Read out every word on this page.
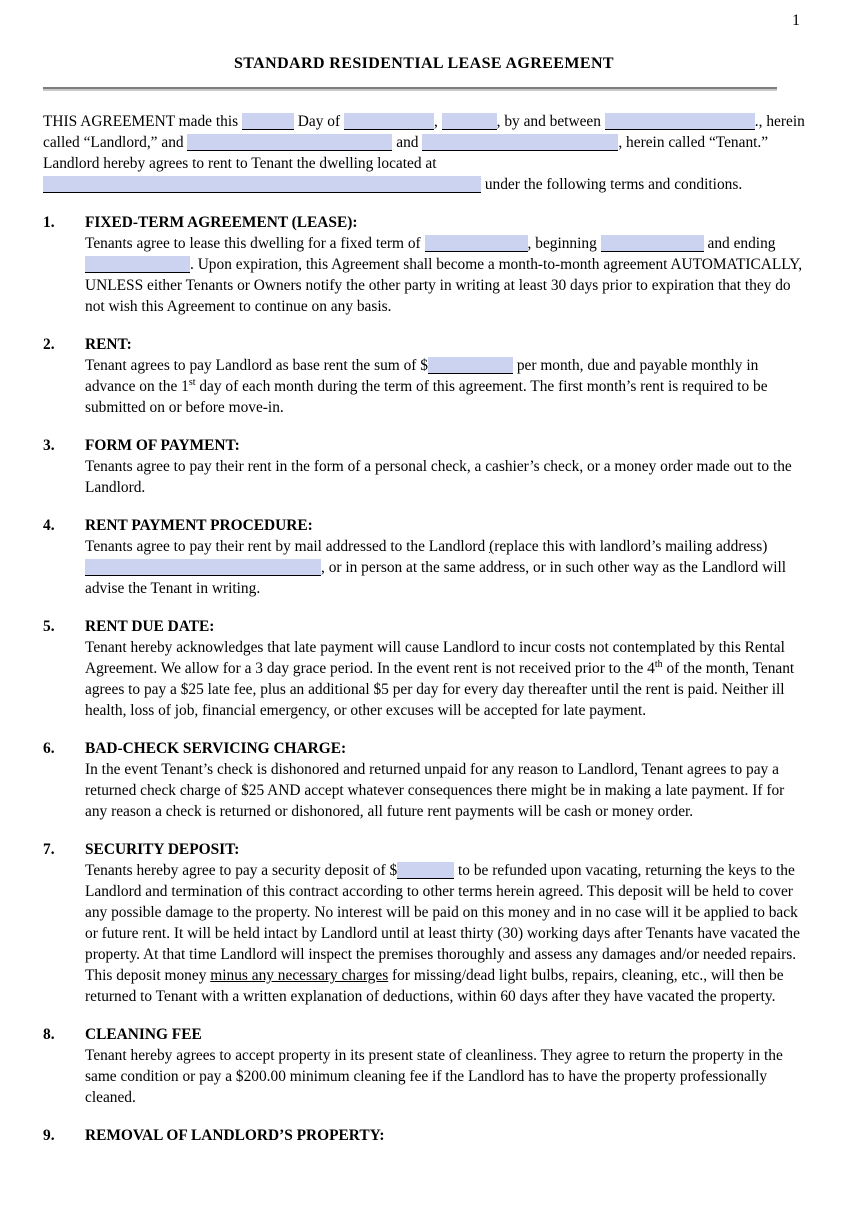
1
STANDARD RESIDENTIAL LEASE AGREEMENT

THIS AGREEMENT made this	Day of	,	, by and between	., herein called “Landlord,” and	and	, herein called “Tenant.” Landlord hereby agrees to rent to Tenant the dwelling located at  under the following terms and conditions.

1.	FIXED-TERM AGREEMENT (LEASE):
Tenants agree to lease this dwelling for a fixed term of	, beginning	and ending . Upon expiration, this Agreement shall become a month-to-month agreement AUTOMATICALLY, UNLESS either Tenants or Owners notify the other party in writing at least 30 days prior to expiration that they do not wish this Agreement to continue on any basis.
2.	RENT:
Tenant agrees to pay Landlord as base rent the sum of $	per month, due and payable monthly in advance on the 1st day of each month during the term of this agreement. The first month’s rent is required to be submitted on or before move-in.
3.	FORM OF PAYMENT:
Tenants agree to pay their rent in the form of a personal check, a cashier’s check, or a money order made out to the Landlord.
4.	RENT PAYMENT PROCEDURE:
Tenants agree to pay their rent by mail addressed to the Landlord (replace this with landlord’s mailing address), or in person at the same address, or in such other way as the Landlord will advise the Tenant in writing.
5.	RENT DUE DATE:
Tenant hereby acknowledges that late payment will cause Landlord to incur costs not contemplated by this Rental Agreement. We allow for a 3 day grace period. In the event rent is not received prior to the 4th of the month, Tenant agrees to pay a $25 late fee, plus an additional $5 per day for every day thereafter until the rent is paid. Neither ill health, loss of job, financial emergency, or other excuses will be accepted for late payment.
6.	BAD-CHECK SERVICING CHARGE:
In the event Tenant’s check is dishonored and returned unpaid for any reason to Landlord, Tenant agrees to pay a returned check charge of $25 AND accept whatever consequences there might be in making a late payment. If for any reason a check is returned or dishonored, all future rent payments will be cash or money order.
7.	SECURITY DEPOSIT:
Tenants hereby agree to pay a security deposit of $	to be refunded upon vacating, returning the keys to the Landlord and termination of this contract according to other terms herein agreed. This deposit will be held to cover any possible damage to the property. No interest will be paid on this money and in no case will it be applied to back or future rent. It will be held intact by Landlord until at least thirty (30) working days after Tenants have vacated the property. At that time Landlord will inspect the premises thoroughly and assess any damages and/or needed repairs. This deposit money minus any necessary charges for missing/dead light bulbs, repairs, cleaning, etc., will then be returned to Tenant with a written explanation of deductions, within 60 days after they have vacated the property.
8.	CLEANING FEE
Tenant hereby agrees to accept property in its present state of cleanliness. They agree to return the property in the same condition or pay a $200.00 minimum cleaning fee if the Landlord has to have the property professionally cleaned.
9.	REMOVAL OF LANDLORD’S PROPERTY:
